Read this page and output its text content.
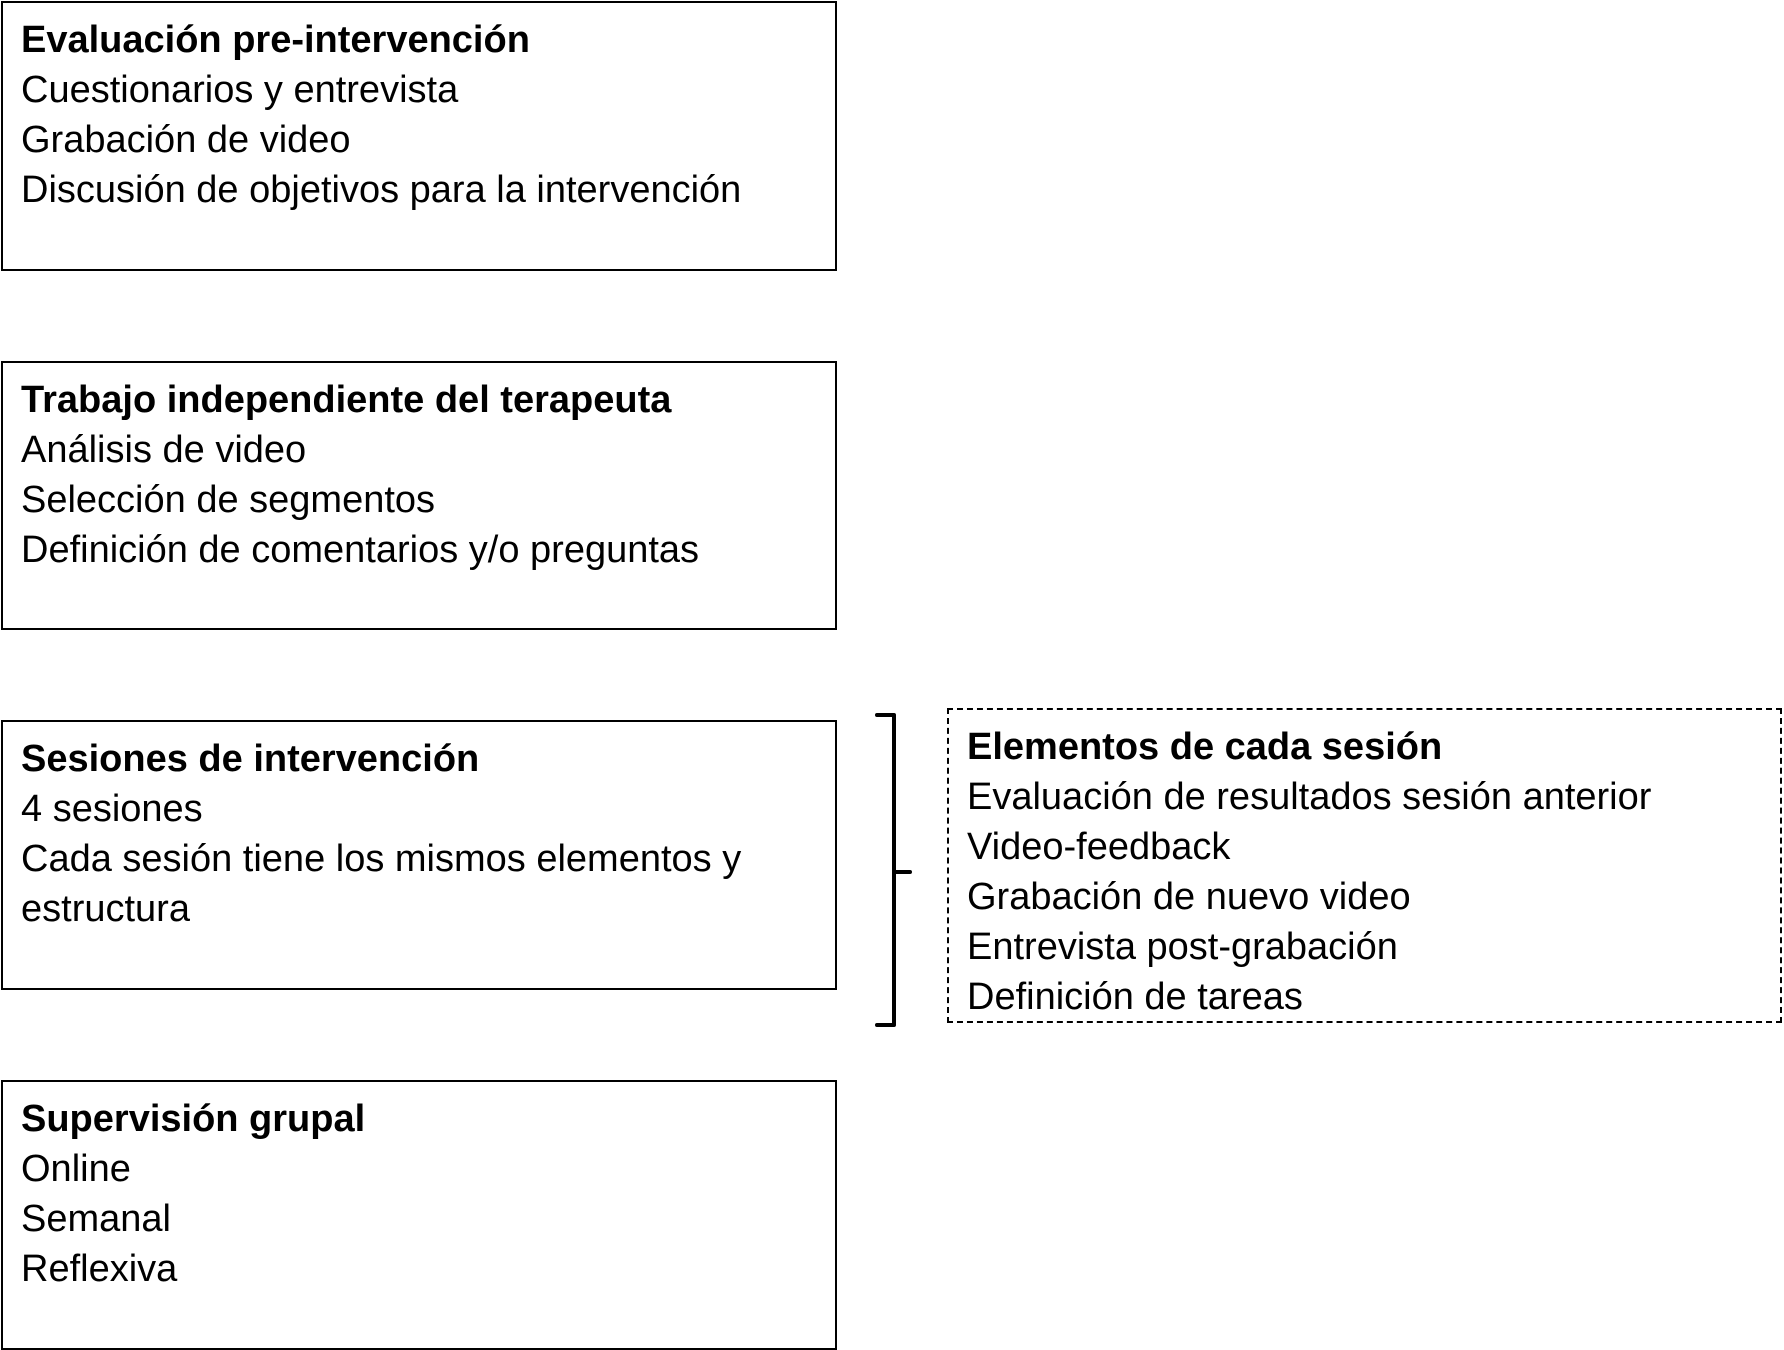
Evaluación pre-intervención

Cuestionarios y entrevista

Grabación de video

Discusión de objetivos para la intervención

Trabajo independiente del terapeuta

Análisis de video

Selección de segmentos

Definición de comentarios y/o preguntas

Sesiones de intervención

4 sesiones

Cada sesión tiene los mismos elementos y

estructura

Supervisión grupal

Online

Semanal

Reflexiva

Elementos de cada sesión

Evaluación de resultados sesión anterior

Video-feedback

Grabación de nuevo video

Entrevista post-grabación

Definición de tareas
